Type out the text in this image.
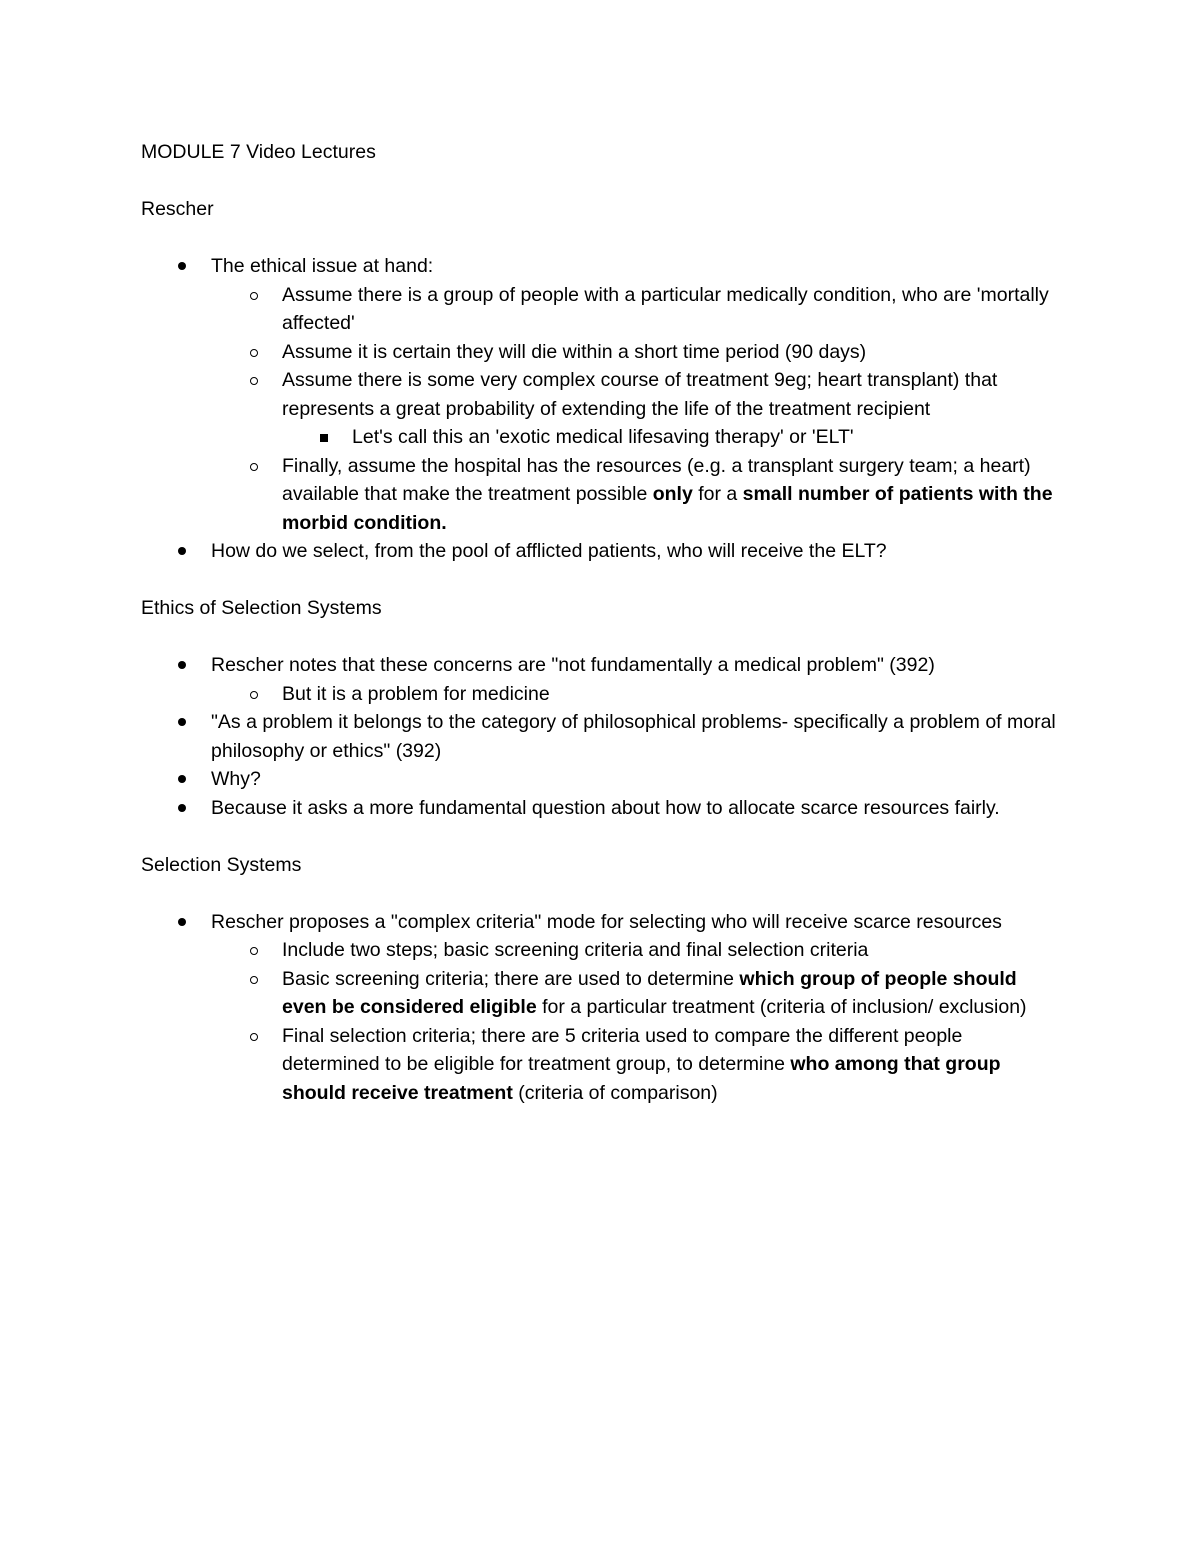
MODULE 7 Video Lectures

Rescher

The ethical issue at hand:
Assume there is a group of people with a particular medically condition, who are 'mortally affected'
Assume it is certain they will die within a short time period (90 days)
Assume there is some very complex course of treatment 9eg; heart transplant) that represents a great probability of extending the life of the treatment recipient
Let's call this an 'exotic medical lifesaving therapy' or 'ELT'
Finally, assume the hospital has the resources (e.g. a transplant surgery team; a heart) available that make the treatment possible only for a small number of patients with the morbid condition.
How do we select, from the pool of afflicted patients, who will receive the ELT?

Ethics of Selection Systems

Rescher notes that these concerns are "not fundamentally a medical problem" (392)
But it is a problem for medicine
"As a problem it belongs to the category of philosophical problems- specifically a problem of moral philosophy or ethics" (392)
Why?
Because it asks a more fundamental question about how to allocate scarce resources fairly.

Selection Systems

Rescher proposes a "complex criteria" mode for selecting who will receive scarce resources
Include two steps; basic screening criteria and final selection criteria
Basic screening criteria; there are used to determine which group of people should even be considered eligible for a particular treatment (criteria of inclusion/ exclusion)
Final selection criteria; there are 5 criteria used to compare the different people determined to be eligible for treatment group, to determine who among that group should receive treatment (criteria of comparison)
